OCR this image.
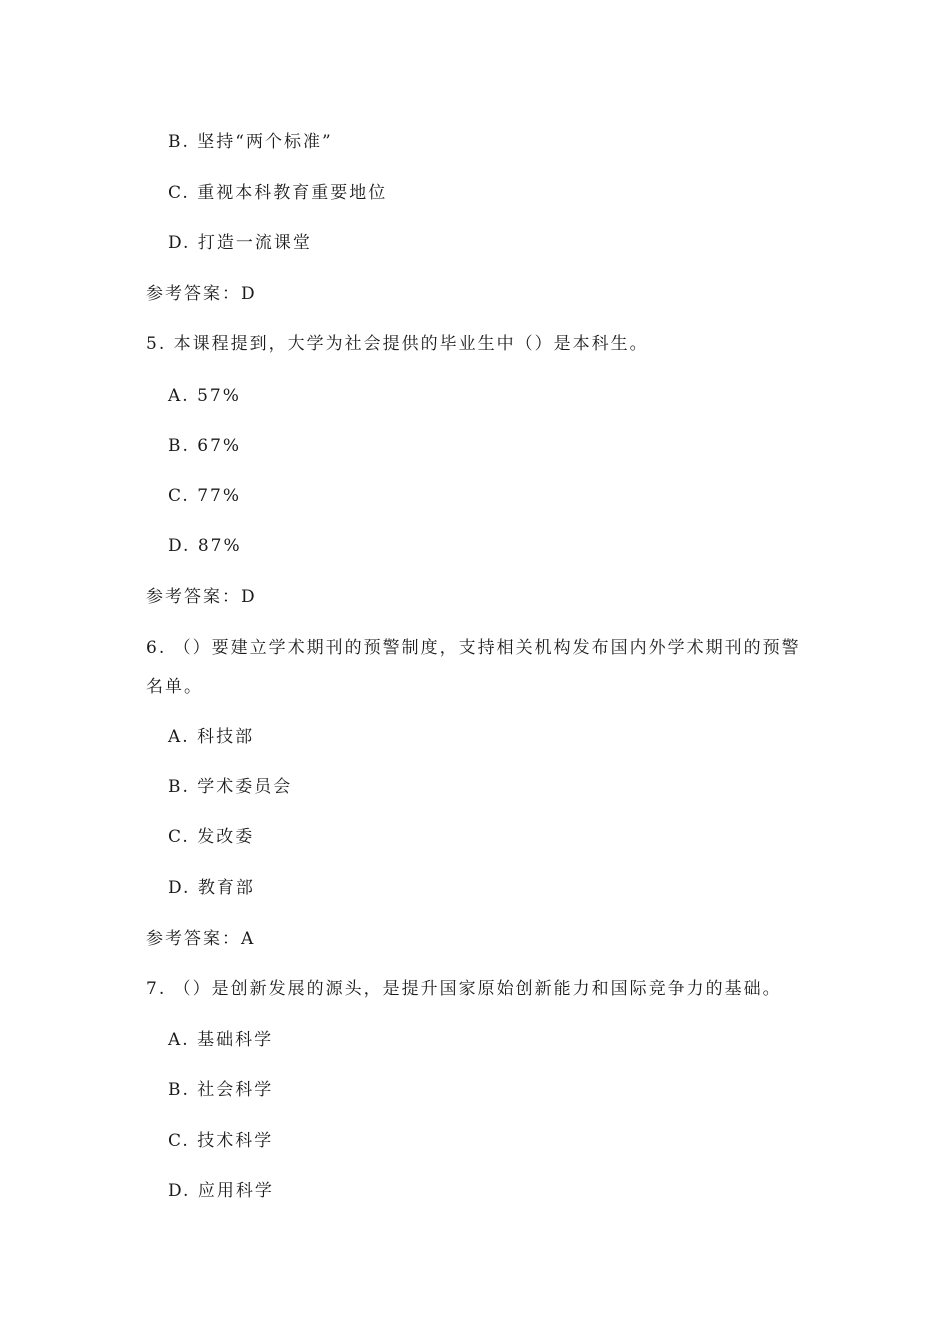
B. 坚持“两个标准”
C. 重视本科教育重要地位
D. 打造一流课堂
参考答案：D
5. 本课程提到，大学为社会提供的毕业生中（）是本科生。
A. 57%
B. 67%
C. 77%
D. 87%
参考答案：D
6. （）要建立学术期刊的预警制度，支持相关机构发布国内外学术期刊的预警
名单。
A. 科技部
B. 学术委员会
C. 发改委
D. 教育部
参考答案：A
7. （）是创新发展的源头，是提升国家原始创新能力和国际竞争力的基础。
A. 基础科学
B. 社会科学
C. 技术科学
D. 应用科学
